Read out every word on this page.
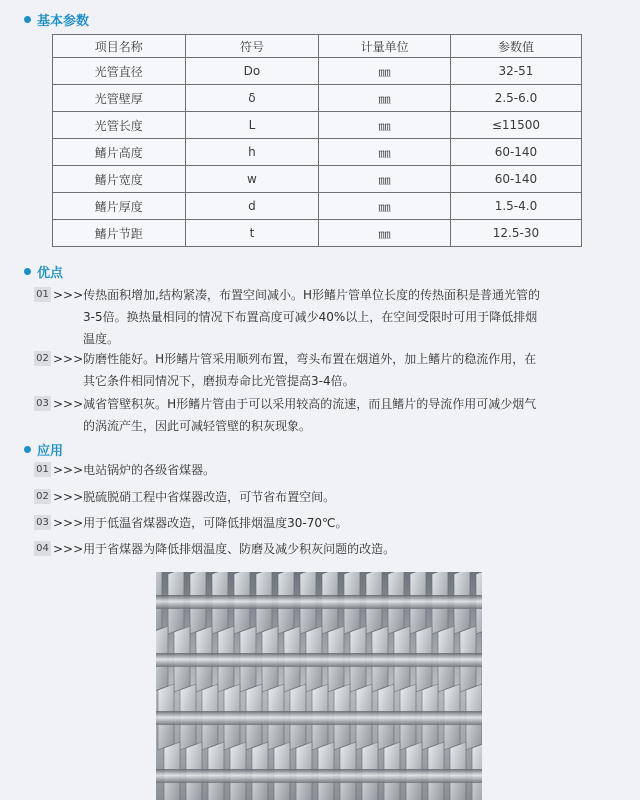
基本参数
项目名称	符号	计量单位	参数值
光管直径	Do	㎜	32-51
光管壁厚	δ	㎜	2.5-6.0
光管长度	L	㎜	≤11500
鳍片高度	h	㎜	60-140
鳍片宽度	w	㎜	60-140
鳍片厚度	d	㎜	1.5-4.0
鳍片节距	t	㎜	12.5-30
优点
01 >>>传热面积增加,结构紧凑，布置空间减小。H形鳍片管单位长度的传热面积是普通光管的
3-5倍。换热量相同的情况下布置高度可减少40%以上，在空间受限时可用于降低排烟
温度。
02 >>>防磨性能好。H形鳍片管采用顺列布置，弯头布置在烟道外，加上鳍片的稳流作用，在
其它条件相同情况下，磨损寿命比光管提高3-4倍。
03 >>>减省管壁积灰。H形鳍片管由于可以采用较高的流速，而且鳍片的导流作用可减少烟气
的涡流产生，因此可减轻管壁的积灰现象。
应用
01 >>>电站锅炉的各级省煤器。
02 >>>脱硫脱硝工程中省煤器改造，可节省布置空间。
03 >>>用于低温省煤器改造，可降低排烟温度30-70℃。
04 >>>用于省煤器为降低排烟温度、防磨及减少积灰问题的改造。
